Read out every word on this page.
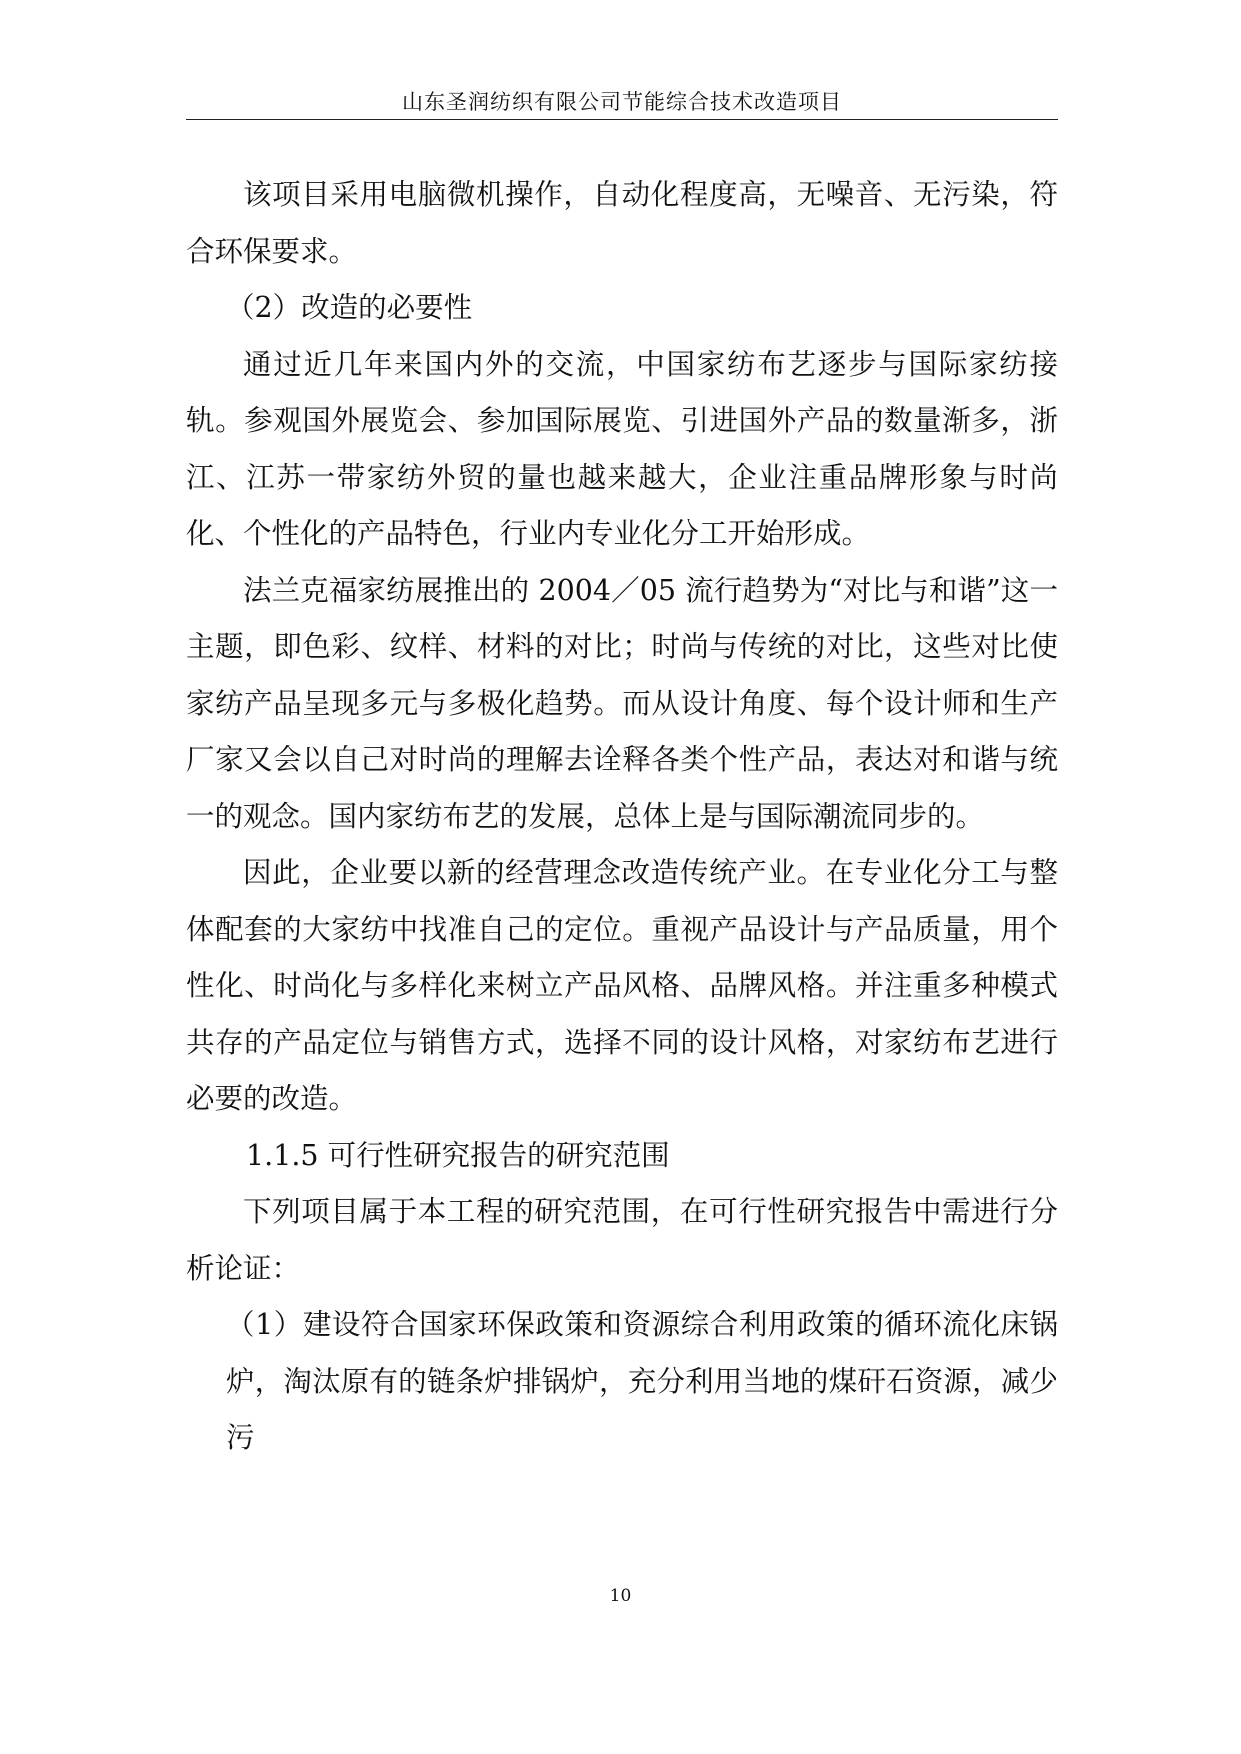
山东圣润纺织有限公司节能综合技术改造项目

该项目采用电脑微机操作，自动化程度高，无噪音、无污染，符合环保要求。

（2）改造的必要性

通过近几年来国内外的交流，中国家纺布艺逐步与国际家纺接轨。参观国外展览会、参加国际展览、引进国外产品的数量渐多，浙江、江苏一带家纺外贸的量也越来越大，企业注重品牌形象与时尚化、个性化的产品特色，行业内专业化分工开始形成。

法兰克福家纺展推出的 2004／05 流行趋势为“对比与和谐”这一主题，即色彩、纹样、材料的对比；时尚与传统的对比，这些对比使家纺产品呈现多元与多极化趋势。而从设计角度、每个设计师和生产厂家又会以自己对时尚的理解去诠释各类个性产品，表达对和谐与统一的观念。国内家纺布艺的发展，总体上是与国际潮流同步的。

因此，企业要以新的经营理念改造传统产业。在专业化分工与整体配套的大家纺中找准自己的定位。重视产品设计与产品质量，用个性化、时尚化与多样化来树立产品风格、品牌风格。并注重多种模式共存的产品定位与销售方式，选择不同的设计风格，对家纺布艺进行必要的改造。

1.1.5 可行性研究报告的研究范围

下列项目属于本工程的研究范围，在可行性研究报告中需进行分析论证：

（1）建设符合国家环保政策和资源综合利用政策的循环流化床锅炉，淘汰原有的链条炉排锅炉，充分利用当地的煤矸石资源，减少污

10
